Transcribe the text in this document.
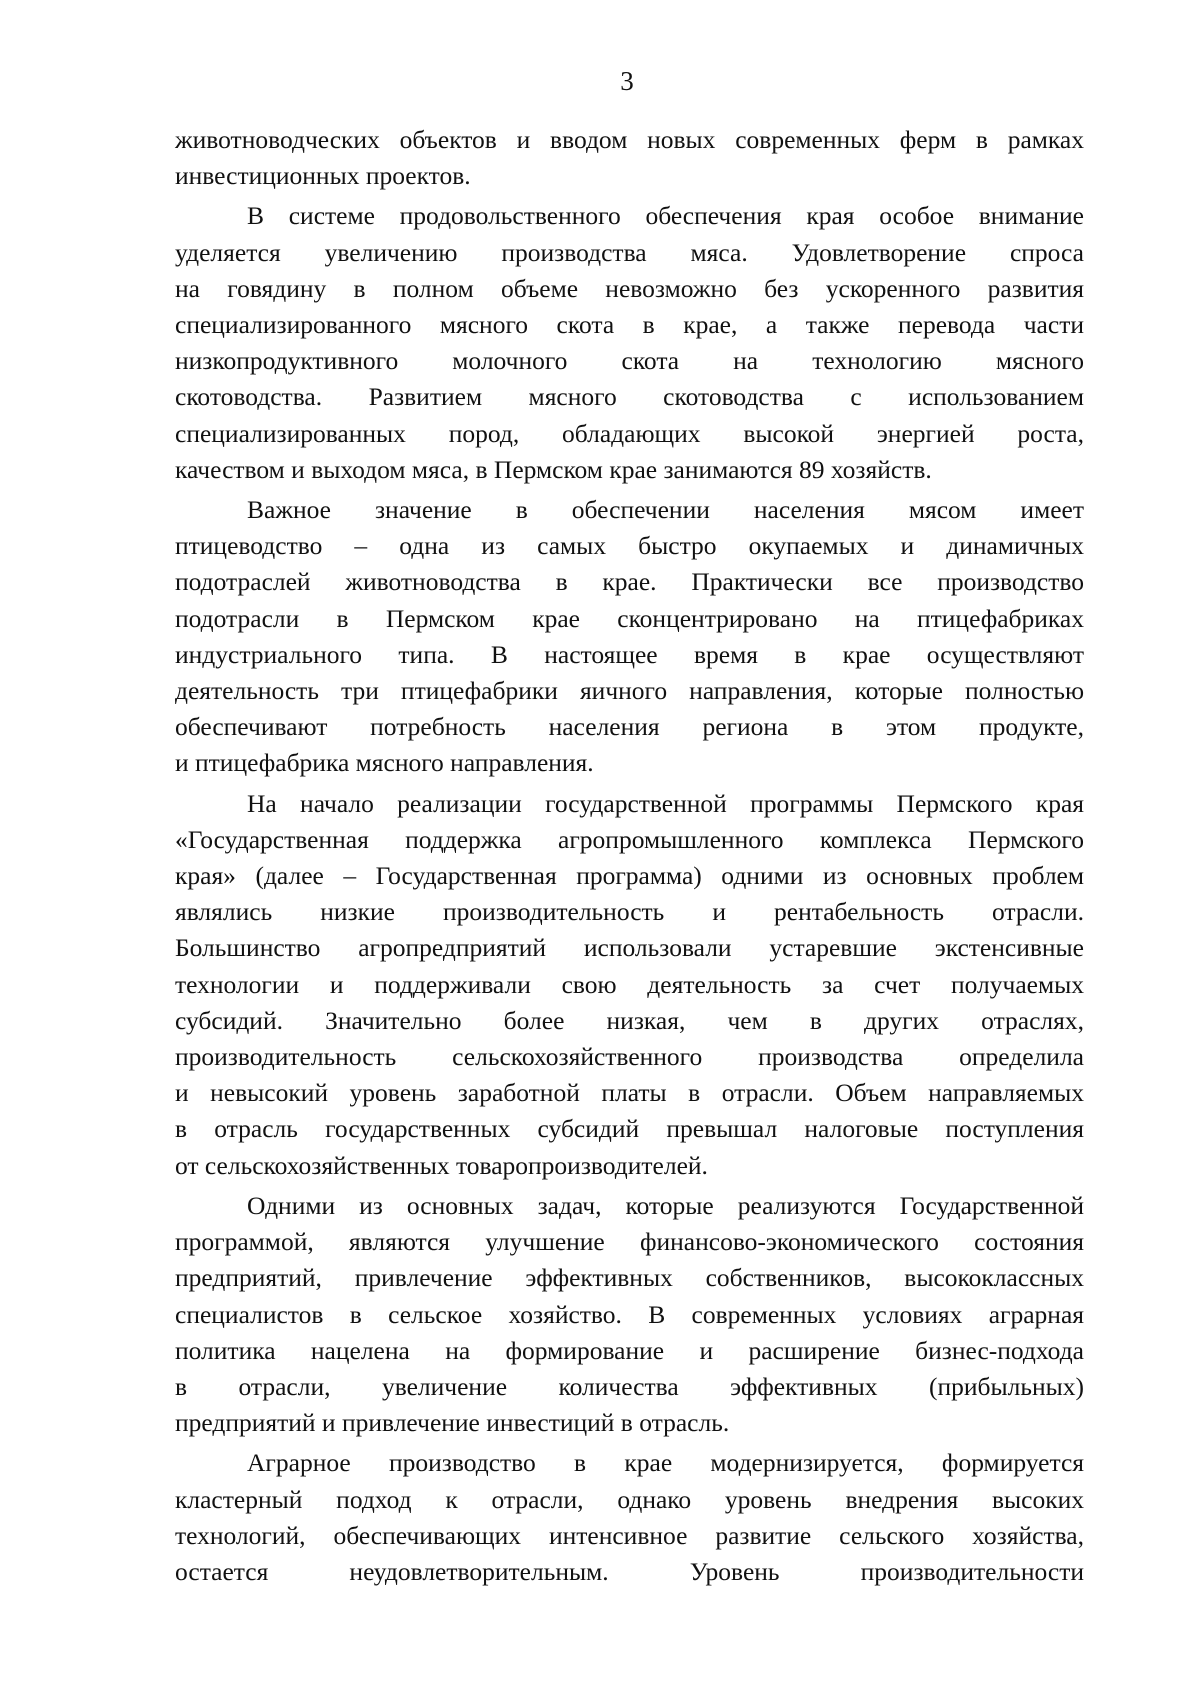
3
животноводческих объектов и вводом новых современных ферм в рамках
инвестиционных проектов.
В системе продовольственного обеспечения края особое внимание
уделяется увеличению производства мяса. Удовлетворение спроса
на говядину в полном объеме невозможно без ускоренного развития
специализированного мясного скота в крае, а также перевода части
низкопродуктивного молочного скота на технологию мясного
скотоводства. Развитием мясного скотоводства с использованием
специализированных пород, обладающих высокой энергией роста,
качеством и выходом мяса, в Пермском крае занимаются 89 хозяйств.
Важное значение в обеспечении населения мясом имеет
птицеводство – одна из самых быстро окупаемых и динамичных
подотраслей животноводства в крае. Практически все производство
подотрасли в Пермском крае сконцентрировано на птицефабриках
индустриального типа. В настоящее время в крае осуществляют
деятельность три птицефабрики яичного направления, которые полностью
обеспечивают потребность населения региона в этом продукте,
и птицефабрика мясного направления.
На начало реализации государственной программы Пермского края
«Государственная поддержка агропромышленного комплекса Пермского
края» (далее – Государственная программа) одними из основных проблем
являлись низкие производительность и рентабельность отрасли.
Большинство агропредприятий использовали устаревшие экстенсивные
технологии и поддерживали свою деятельность за счет получаемых
субсидий. Значительно более низкая, чем в других отраслях,
производительность сельскохозяйственного производства определила
и невысокий уровень заработной платы в отрасли. Объем направляемых
в отрасль государственных субсидий превышал налоговые поступления
от сельскохозяйственных товаропроизводителей.
Одними из основных задач, которые реализуются Государственной
программой, являются улучшение финансово-экономического состояния
предприятий, привлечение эффективных собственников, высококлассных
специалистов в сельское хозяйство. В современных условиях аграрная
политика нацелена на формирование и расширение бизнес-подхода
в отрасли, увеличение количества эффективных (прибыльных)
предприятий и привлечение инвестиций в отрасль.
Аграрное производство в крае модернизируется, формируется
кластерный подход к отрасли, однако уровень внедрения высоких
технологий, обеспечивающих интенсивное развитие сельского хозяйства,
остается неудовлетворительным. Уровень производительности
